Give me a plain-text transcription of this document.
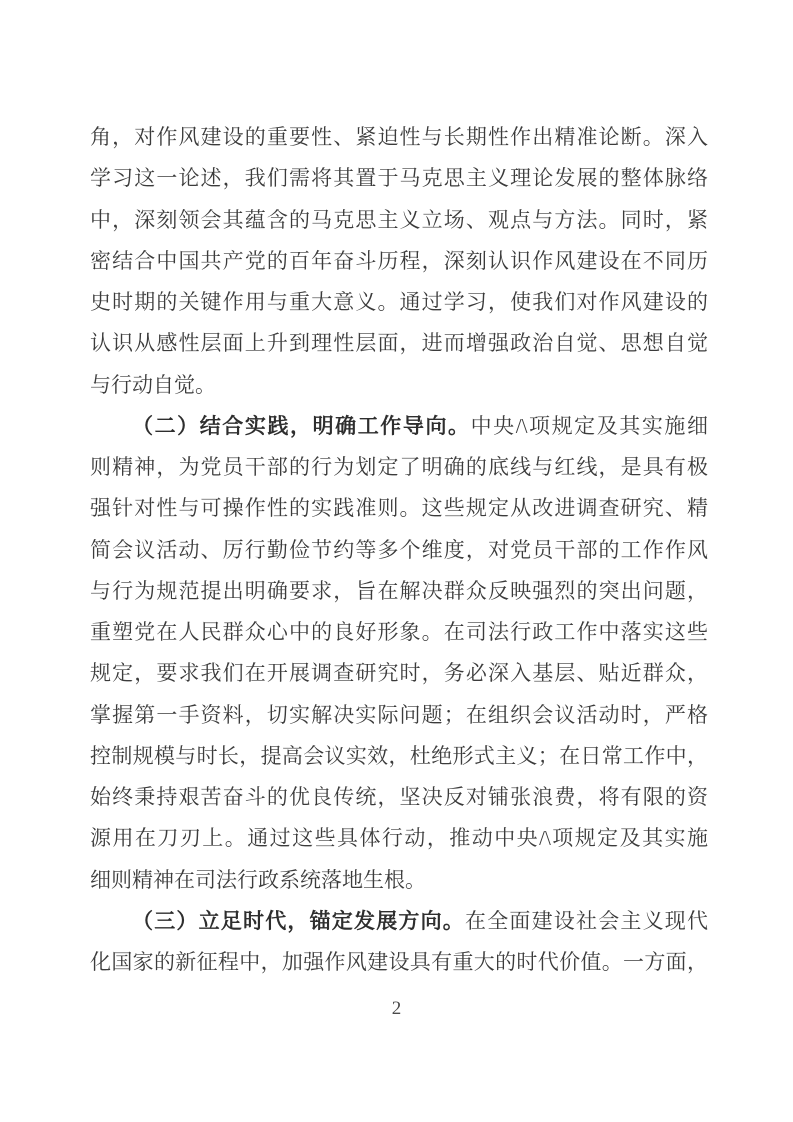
角，对作风建设的重要性、紧迫性与长期性作出精准论断。深入
学习这一论述，我们需将其置于马克思主义理论发展的整体脉络
中，深刻领会其蕴含的马克思主义立场、观点与方法。同时，紧
密结合中国共产党的百年奋斗历程，深刻认识作风建设在不同历
史时期的关键作用与重大意义。通过学习，使我们对作风建设的
认识从感性层面上升到理性层面，进而增强政治自觉、思想自觉
与行动自觉。
（二）结合实践，明确工作导向。中央/\项规定及其实施细
则精神，为党员干部的行为划定了明确的底线与红线，是具有极
强针对性与可操作性的实践准则。这些规定从改进调查研究、精
简会议活动、厉行勤俭节约等多个维度，对党员干部的工作作风
与行为规范提出明确要求，旨在解决群众反映强烈的突出问题，
重塑党在人民群众心中的良好形象。在司法行政工作中落实这些
规定，要求我们在开展调查研究时，务必深入基层、贴近群众，
掌握第一手资料，切实解决实际问题；在组织会议活动时，严格
控制规模与时长，提高会议实效，杜绝形式主义；在日常工作中，
始终秉持艰苦奋斗的优良传统，坚决反对铺张浪费，将有限的资
源用在刀刃上。通过这些具体行动，推动中央/\项规定及其实施
细则精神在司法行政系统落地生根。
（三）立足时代，锚定发展方向。在全面建设社会主义现代
化国家的新征程中，加强作风建设具有重大的时代价值。一方面，
2
